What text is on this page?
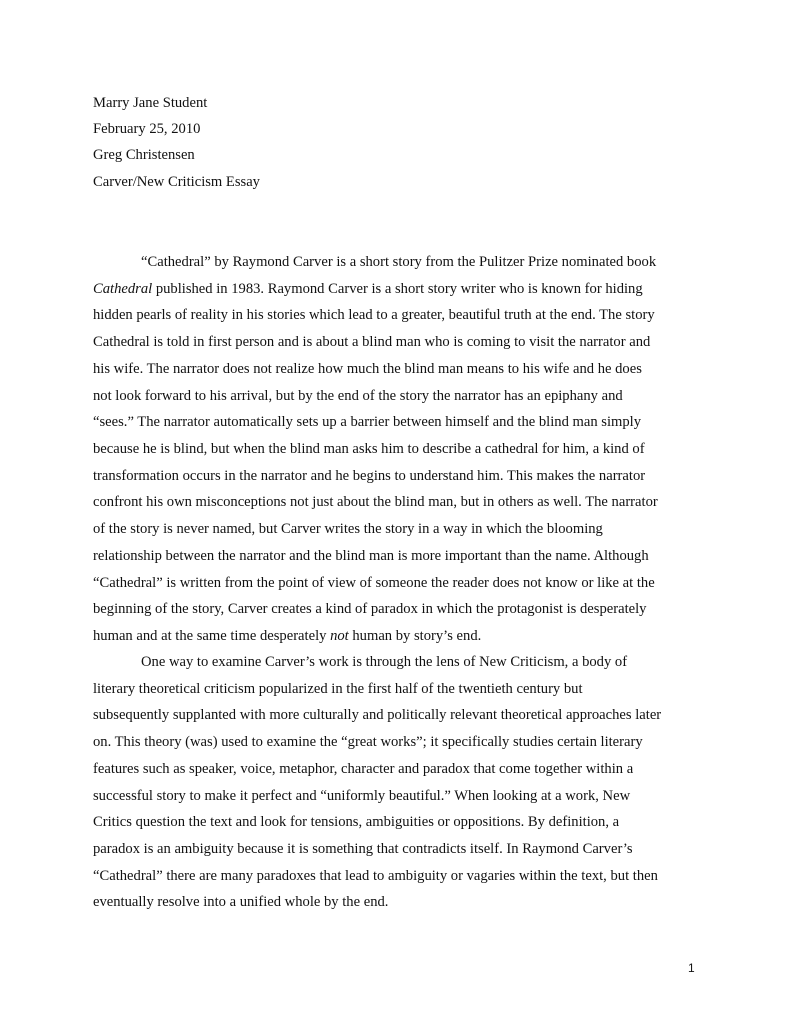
Marry Jane Student
February 25, 2010
Greg Christensen
Carver/New Criticism Essay
“Cathedral” by Raymond Carver is a short story from the Pulitzer Prize nominated book
Cathedral published in 1983. Raymond Carver is a short story writer who is known for hiding
hidden pearls of reality in his stories which lead to a greater, beautiful truth at the end. The story
Cathedral is told in first person and is about a blind man who is coming to visit the narrator and
his wife. The narrator does not realize how much the blind man means to his wife and he does
not look forward to his arrival, but by the end of the story the narrator has an epiphany and
“sees.” The narrator automatically sets up a barrier between himself and the blind man simply
because he is blind, but when the blind man asks him to describe a cathedral for him, a kind of
transformation occurs in the narrator and he begins to understand him. This makes the narrator
confront his own misconceptions not just about the blind man, but in others as well. The narrator
of the story is never named, but Carver writes the story in a way in which the blooming
relationship between the narrator and the blind man is more important than the name. Although
“Cathedral” is written from the point of view of someone the reader does not know or like at the
beginning of the story, Carver creates a kind of paradox in which the protagonist is desperately
human and at the same time desperately not human by story’s end.
One way to examine Carver’s work is through the lens of New Criticism, a body of
literary theoretical criticism popularized in the first half of the twentieth century but
subsequently supplanted with more culturally and politically relevant theoretical approaches later
on. This theory (was) used to examine the “great works”; it specifically studies certain literary
features such as speaker, voice, metaphor, character and paradox that come together within a
successful story to make it perfect and “uniformly beautiful.” When looking at a work, New
Critics question the text and look for tensions, ambiguities or oppositions. By definition, a
paradox is an ambiguity because it is something that contradicts itself. In Raymond Carver’s
“Cathedral” there are many paradoxes that lead to ambiguity or vagaries within the text, but then
eventually resolve into a unified whole by the end.
1
